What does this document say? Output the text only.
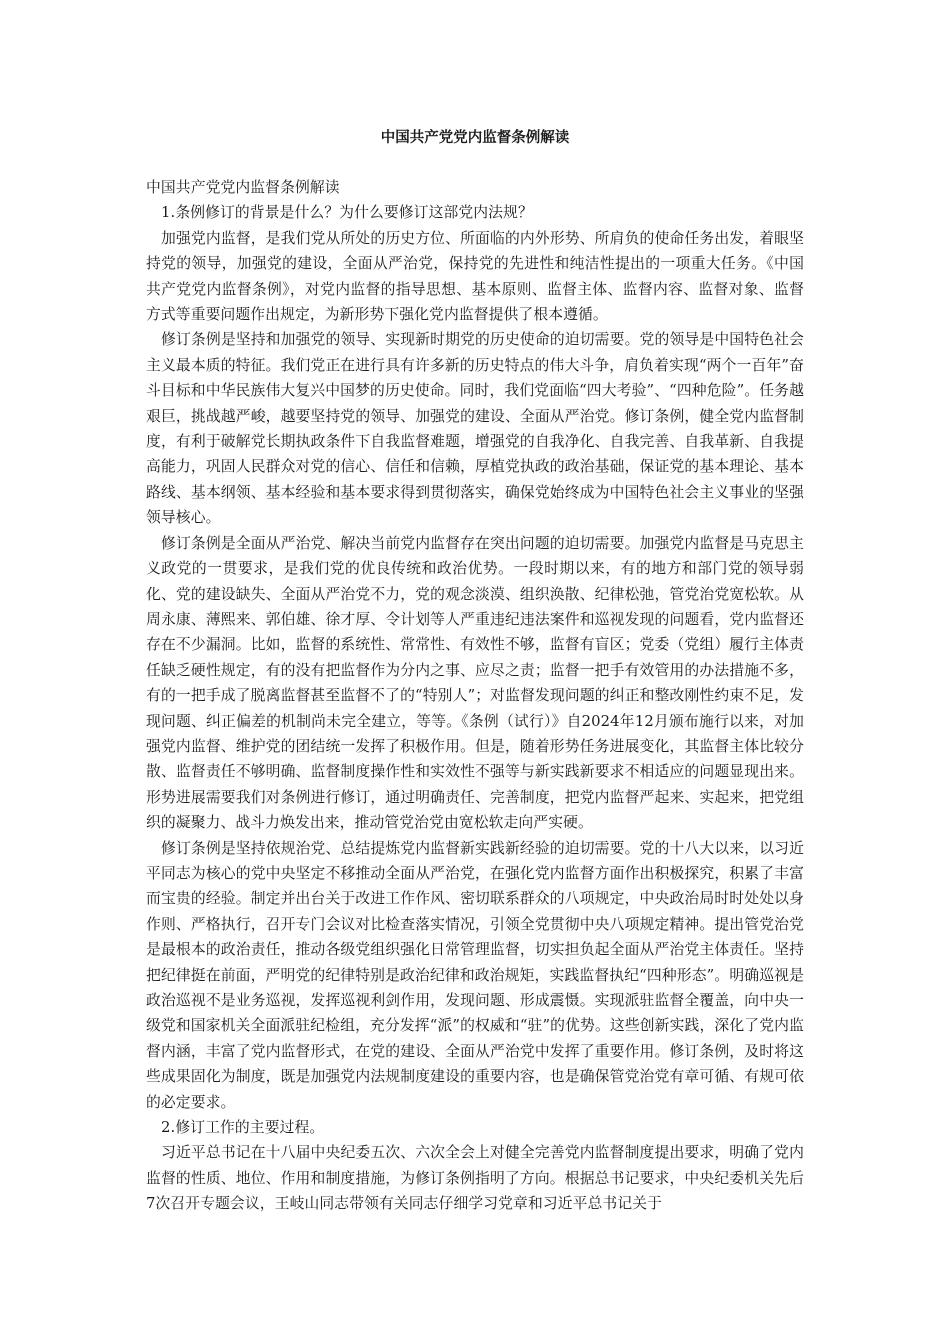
中国共产党党内监督条例解读

中国共产党党内监督条例解读

1.条例修订的背景是什么？为什么要修订这部党内法规？

加强党内监督，是我们党从所处的历史方位、所面临的内外形势、所肩负的使命任务出发，着眼坚持党的领导，加强党的建设，全面从严治党，保持党的先进性和纯洁性提出的一项重大任务。《中国共产党党内监督条例》，对党内监督的指导思想、基本原则、监督主体、监督内容、监督对象、监督方式等重要问题作出规定，为新形势下强化党内监督提供了根本遵循。

修订条例是坚持和加强党的领导、实现新时期党的历史使命的迫切需要。党的领导是中国特色社会主义最本质的特征。我们党正在进行具有许多新的历史特点的伟大斗争，肩负着实现“两个一百年”奋斗目标和中华民族伟大复兴中国梦的历史使命。同时，我们党面临“四大考验”、“四种危险”。任务越艰巨，挑战越严峻，越要坚持党的领导、加强党的建设、全面从严治党。修订条例，健全党内监督制度，有利于破解党长期执政条件下自我监督难题，增强党的自我净化、自我完善、自我革新、自我提高能力，巩固人民群众对党的信心、信任和信赖，厚植党执政的政治基础，保证党的基本理论、基本路线、基本纲领、基本经验和基本要求得到贯彻落实，确保党始终成为中国特色社会主义事业的坚强领导核心。

修订条例是全面从严治党、解决当前党内监督存在突出问题的迫切需要。加强党内监督是马克思主义政党的一贯要求，是我们党的优良传统和政治优势。一段时期以来，有的地方和部门党的领导弱化、党的建设缺失、全面从严治党不力，党的观念淡漠、组织涣散、纪律松弛，管党治党宽松软。从周永康、薄熙来、郭伯雄、徐才厚、令计划等人严重违纪违法案件和巡视发现的问题看，党内监督还存在不少漏洞。比如，监督的系统性、常常性、有效性不够，监督有盲区；党委（党组）履行主体责任缺乏硬性规定，有的没有把监督作为分内之事、应尽之责；监督一把手有效管用的办法措施不多，有的一把手成了脱离监督甚至监督不了的“特别人”；对监督发现问题的纠正和整改刚性约束不足，发现问题、纠正偏差的机制尚未完全建立，等等。《条例（试行）》自2024年12月颁布施行以来，对加强党内监督、维护党的团结统一发挥了积极作用。但是，随着形势任务进展变化，其监督主体比较分散、监督责任不够明确、监督制度操作性和实效性不强等与新实践新要求不相适应的问题显现出来。形势进展需要我们对条例进行修订，通过明确责任、完善制度，把党内监督严起来、实起来，把党组织的凝聚力、战斗力焕发出来，推动管党治党由宽松软走向严实硬。

修订条例是坚持依规治党、总结提炼党内监督新实践新经验的迫切需要。党的十八大以来，以习近平同志为核心的党中央坚定不移推动全面从严治党，在强化党内监督方面作出积极探究，积累了丰富而宝贵的经验。制定并出台关于改进工作作风、密切联系群众的八项规定，中央政治局时时处处以身作则、严格执行，召开专门会议对比检查落实情况，引领全党贯彻中央八项规定精神。提出管党治党是最根本的政治责任，推动各级党组织强化日常管理监督，切实担负起全面从严治党主体责任。坚持把纪律挺在前面，严明党的纪律特别是政治纪律和政治规矩，实践监督执纪“四种形态”。明确巡视是政治巡视不是业务巡视，发挥巡视利剑作用，发现问题、形成震慑。实现派驻监督全覆盖，向中央一级党和国家机关全面派驻纪检组，充分发挥“派”的权威和“驻”的优势。这些创新实践，深化了党内监督内涵，丰富了党内监督形式，在党的建设、全面从严治党中发挥了重要作用。修订条例，及时将这些成果固化为制度，既是加强党内法规制度建设的重要内容，也是确保管党治党有章可循、有规可依的必定要求。

2.修订工作的主要过程。

习近平总书记在十八届中央纪委五次、六次全会上对健全完善党内监督制度提出要求，明确了党内监督的性质、地位、作用和制度措施，为修订条例指明了方向。根据总书记要求，中央纪委机关先后7次召开专题会议，王岐山同志带领有关同志仔细学习党章和习近平总书记关于
